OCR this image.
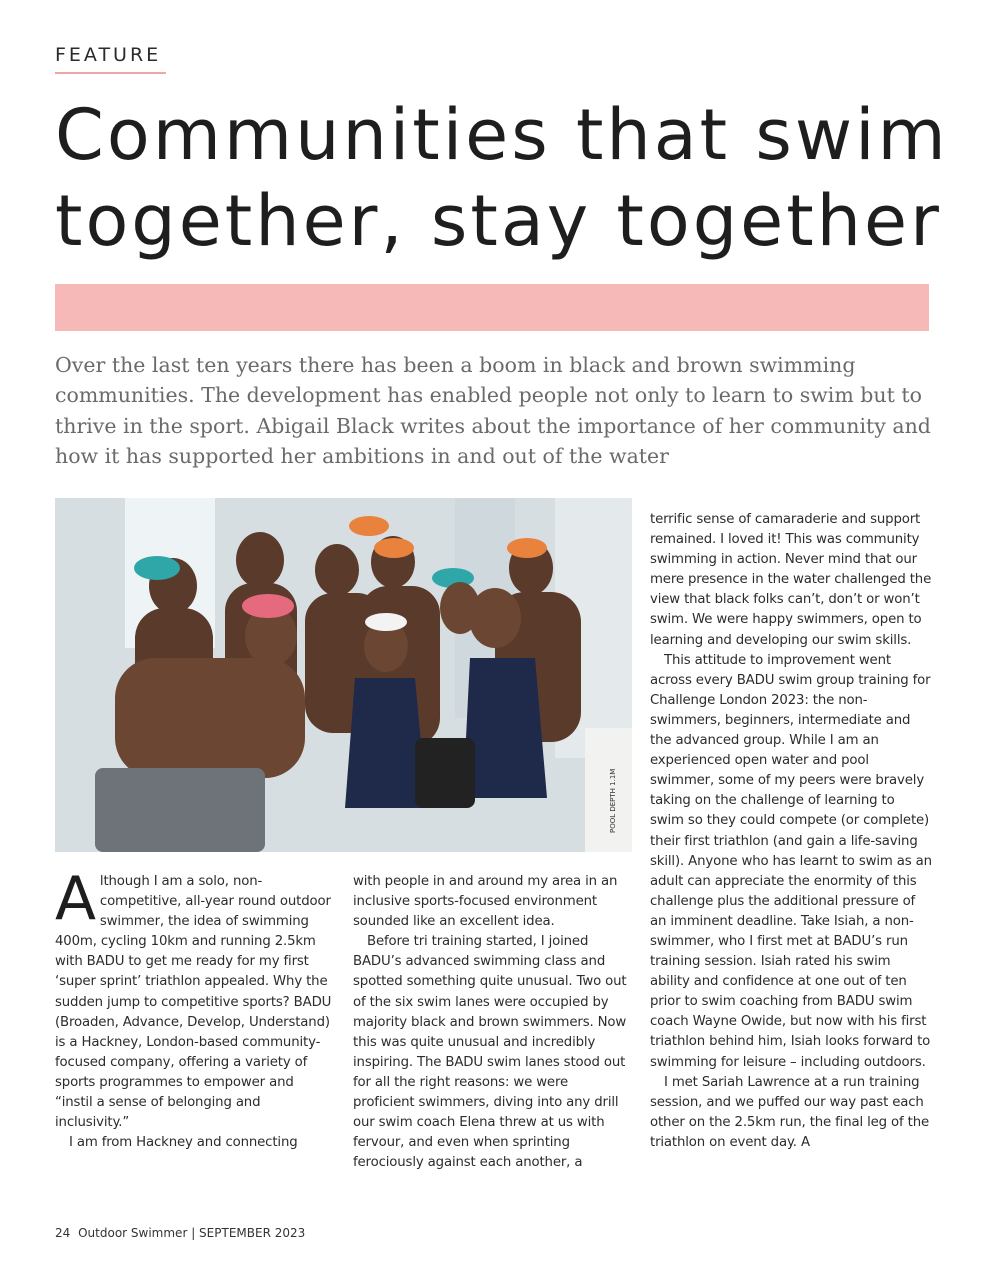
FEATURE
Communities that swim
together, stay together

Over the last ten years there has been a boom in black and brown swimming communities. The development has enabled people not only to learn to swim but to thrive in the sport. Abigail Black writes about the importance of her community and how it has supported her ambitions in and out of the water

POOL DEPTH 1.1M

Although I am a solo, non-competitive, all-year round outdoor swimmer, the idea of swimming 400m, cycling 10km and running 2.5km with BADU to get me ready for my first ‘super sprint’ triathlon appealed. Why the sudden jump to competitive sports? BADU (Broaden, Advance, Develop, Understand) is a Hackney, London-based community-focused company, offering a variety of sports programmes to empower and “instil a sense of belonging and inclusivity.”

I am from Hackney and connecting

with people in and around my area in an inclusive sports-focused environment sounded like an excellent idea.

Before tri training started, I joined BADU’s advanced swimming class and spotted something quite unusual. Two out of the six swim lanes were occupied by majority black and brown swimmers. Now this was quite unusual and incredibly inspiring. The BADU swim lanes stood out for all the right reasons: we were proficient swimmers, diving into any drill our swim coach Elena threw at us with fervour, and even when sprinting ferociously against each another, a

terrific sense of camaraderie and support remained. I loved it! This was community swimming in action. Never mind that our mere presence in the water challenged the view that black folks can’t, don’t or won’t swim. We were happy swimmers, open to learning and developing our swim skills.

This attitude to improvement went across every BADU swim group training for Challenge London 2023: the non-swimmers, beginners, intermediate and the advanced group. While I am an experienced open water and pool swimmer, some of my peers were bravely taking on the challenge of learning to swim so they could compete (or complete) their first triathlon (and gain a life-saving skill). Anyone who has learnt to swim as an adult can appreciate the enormity of this challenge plus the additional pressure of an imminent deadline. Take Isiah, a non-swimmer, who I first met at BADU’s run training session. Isiah rated his swim ability and confidence at one out of ten prior to swim coaching from BADU swim coach Wayne Owide, but now with his first triathlon behind him, Isiah looks forward to swimming for leisure – including outdoors.

I met Sariah Lawrence at a run training session, and we puffed our way past each other on the 2.5km run, the final leg of the triathlon on event day. A

24 Outdoor Swimmer | SEPTEMBER 2023
